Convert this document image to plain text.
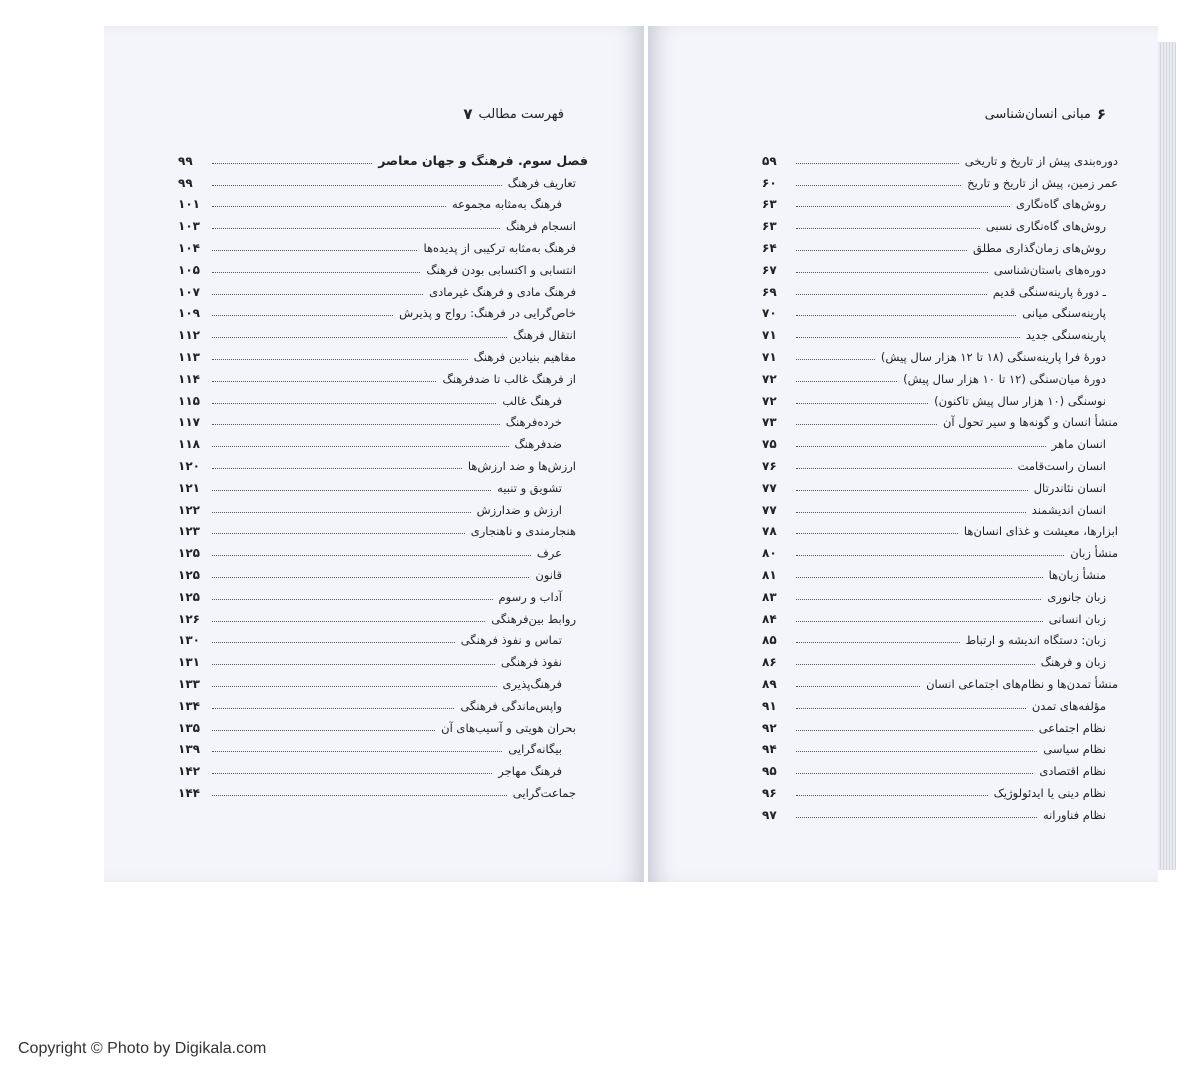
فهرست مطالب
۷
فصل سوم. فرهنگ و جهان معاصر
۹۹
تعاریف فرهنگ
۹۹
فرهنگ به‌مثابه مجموعه
۱۰۱
انسجام فرهنگ
۱۰۳
فرهنگ به‌مثابه ترکیبی از پدیده‌ها
۱۰۴
انتسابی و اکتسابی بودن فرهنگ
۱۰۵
فرهنگ مادی و فرهنگ غیرمادی
۱۰۷
خاص‌گرایی در فرهنگ: رواج و پذیرش
۱۰۹
انتقال فرهنگ
۱۱۲
مفاهیم بنیادین فرهنگ
۱۱۳
از فرهنگ غالب تا ضدفرهنگ
۱۱۴
فرهنگ غالب
۱۱۵
خرده‌فرهنگ
۱۱۷
ضدفرهنگ
۱۱۸
ارزش‌ها و ضد ارزش‌ها
۱۲۰
تشویق و تنبیه
۱۲۱
ارزش و ضدارزش
۱۲۲
هنجارمندی و ناهنجاری
۱۲۳
عرف
۱۲۵
قانون
۱۲۵
آداب و رسوم
۱۲۵
روابط بین‌فرهنگی
۱۲۶
تماس و نفوذ فرهنگی
۱۳۰
نفوذ فرهنگی
۱۳۱
فرهنگ‌پذیری
۱۳۳
واپس‌ماندگی فرهنگی
۱۳۴
بحران هویتی و آسیب‌های آن
۱۳۵
بیگانه‌گرایی
۱۳۹
فرهنگ مهاجر
۱۴۲
جماعت‌گرایی
۱۴۴
۶
مبانی انسان‌شناسی
دوره‌بندی پیش از تاریخ و تاریخی
۵۹
عمر زمین، پیش از تاریخ و تاریخ
۶۰
روش‌های گاه‌نگاری
۶۳
روش‌های گاه‌نگاری نسبی
۶۳
روش‌های زمان‌گذاری مطلق
۶۴
دوره‌های باستان‌شناسی
۶۷
ـ دورهٔ پارینه‌سنگی قدیم
۶۹
پارینه‌سنگی میانی
۷۰
پارینه‌سنگی جدید
۷۱
دورهٔ فرا پارینه‌سنگی (۱۸ تا ۱۲ هزار سال پیش)
۷۱
دورهٔ میان‌سنگی (۱۲ تا ۱۰ هزار سال پیش)
۷۲
نوسنگی (۱۰ هزار سال پیش تاکنون)
۷۲
منشأ انسان و گونه‌ها و سیر تحول آن
۷۳
انسان ماهر
۷۵
انسان راست‌قامت
۷۶
انسان نئاندرتال
۷۷
انسان اندیشمند
۷۷
ابزارها، معیشت و غذای انسان‌ها
۷۸
منشأ زبان
۸۰
منشأ زبان‌ها
۸۱
زبان جانوری
۸۳
زبان انسانی
۸۴
زبان: دستگاه اندیشه و ارتباط
۸۵
زبان و فرهنگ
۸۶
منشأ تمدن‌ها و نظام‌های اجتماعی انسان
۸۹
مؤلفه‌های تمدن
۹۱
نظام اجتماعی
۹۲
نظام سیاسی
۹۴
نظام اقتصادی
۹۵
نظام دینی یا ایدئولوژیک
۹۶
نظام فناورانه
۹۷
Copyright © Photo by Digikala.com
